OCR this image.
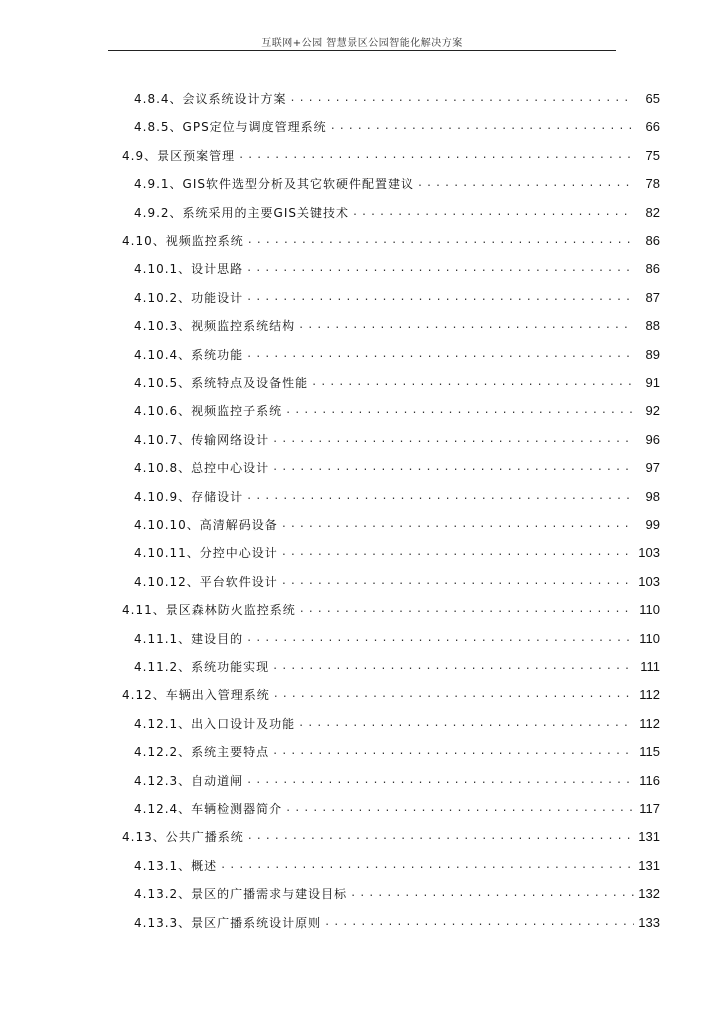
互联网+公园 智慧景区公园智能化解决方案
4.8.4、会议系统设计方案 .....	65
4.8.5、GPS定位与调度管理系统 .....	66
4.9、景区预案管理 .....	75
4.9.1、GIS软件选型分析及其它软硬件配置建议 .....	78
4.9.2、系统采用的主要GIS关键技术 .....	82
4.10、视频监控系统 .....	86
4.10.1、设计思路 .....	86
4.10.2、功能设计 .....	87
4.10.3、视频监控系统结构 .....	88
4.10.4、系统功能 .....	89
4.10.5、系统特点及设备性能 .....	91
4.10.6、视频监控子系统 .....	92
4.10.7、传输网络设计 .....	96
4.10.8、总控中心设计 .....	97
4.10.9、存储设计 .....	98
4.10.10、高清解码设备 .....	99
4.10.11、分控中心设计 .....	103
4.10.12、平台软件设计 .....	103
4.11、景区森林防火监控系统 .....	110
4.11.1、建设目的 .....	110
4.11.2、系统功能实现 .....	111
4.12、车辆出入管理系统 .....	112
4.12.1、出入口设计及功能 .....	112
4.12.2、系统主要特点 .....	115
4.12.3、自动道闸 .....	116
4.12.4、车辆检测器简介 .....	117
4.13、公共广播系统 .....	131
4.13.1、概述 .....	131
4.13.2、景区的广播需求与建设目标 .....	132
4.13.3、景区广播系统设计原则 .....	133
